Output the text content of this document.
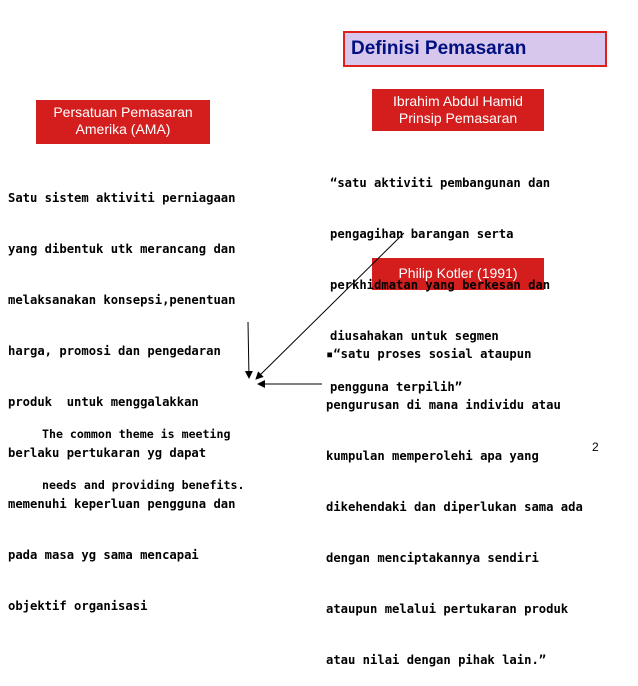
Definisi Pemasaran
Persatuan Pemasaran
Amerika (AMA)
Ibrahim Abdul Hamid
Prinsip Pemasaran
Philip Kotler (1991)

Satu sistem aktiviti perniagaan

yang dibentuk utk merancang dan

melaksanakan konsepsi,penentuan

harga, promosi dan pengedaran

produk  untuk menggalakkan

berlaku pertukaran yg dapat

memenuhi keperluan pengguna dan

pada masa yg sama mencapai

objektif organisasi

“satu aktiviti pembangunan dan

pengagihan barangan serta

perkhidmatan yang berkesan dan

diusahakan untuk segmen

pengguna terpilih”

▪“satu proses sosial ataupun

pengurusan di mana individu atau

kumpulan memperolehi apa yang

dikehendaki dan diperlukan sama ada

dengan menciptakannya sendiri

ataupun melalui pertukaran produk

atau nilai dengan pihak lain.”

The common theme is meeting

needs and providing benefits.

2
